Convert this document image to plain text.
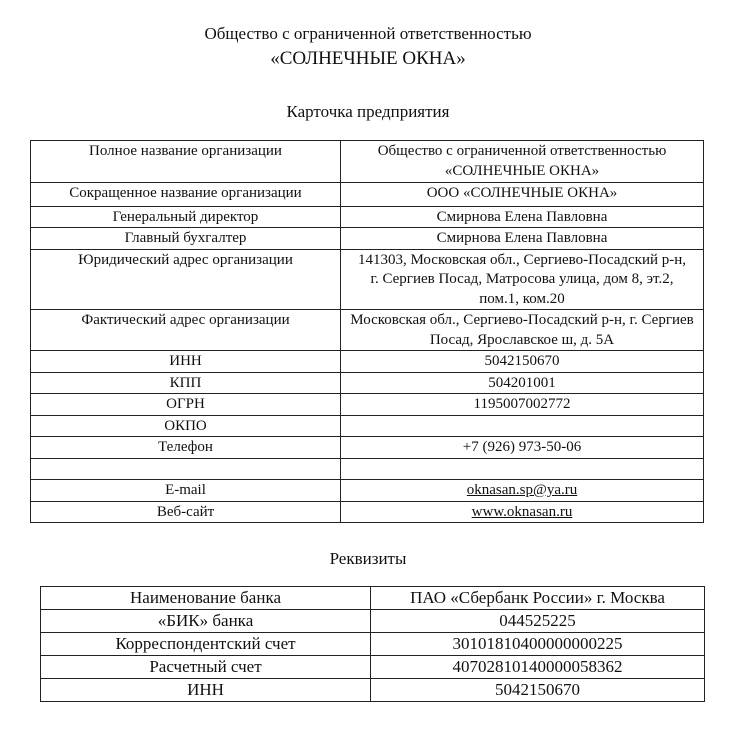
Общество с ограниченной ответственностью
«СОЛНЕЧНЫЕ ОКНА»
Карточка предприятия
Полное название организации	Общество с ограниченной ответственностью «СОЛНЕЧНЫЕ ОКНА»
Сокращенное название организации	ООО «СОЛНЕЧНЫЕ ОКНА»
Генеральный директор	Смирнова Елена Павловна
Главный бухгалтер	Смирнова Елена Павловна
Юридический адрес организации	141303, Московская обл., Сергиево-Посадский р-н, г. Сергиев Посад, Матросова улица, дом 8, эт.2, пом.1, ком.20
Фактический адрес организации	Московская обл., Сергиево-Посадский р-н, г. Сергиев Посад, Ярославское ш, д. 5А
ИНН	5042150670
КПП	504201001
ОГРН	1195007002772
ОКПО	
Телефон	+7 (926) 973-50-06

E-mail	oknasan.sp@ya.ru
Веб-сайт	www.oknasan.ru
Реквизиты
Наименование банка	ПАО «Сбербанк России» г. Москва
«БИК» банка	044525225
Корреспондентский счет	30101810400000000225
Расчетный счет	40702810140000058362
ИНН	5042150670
